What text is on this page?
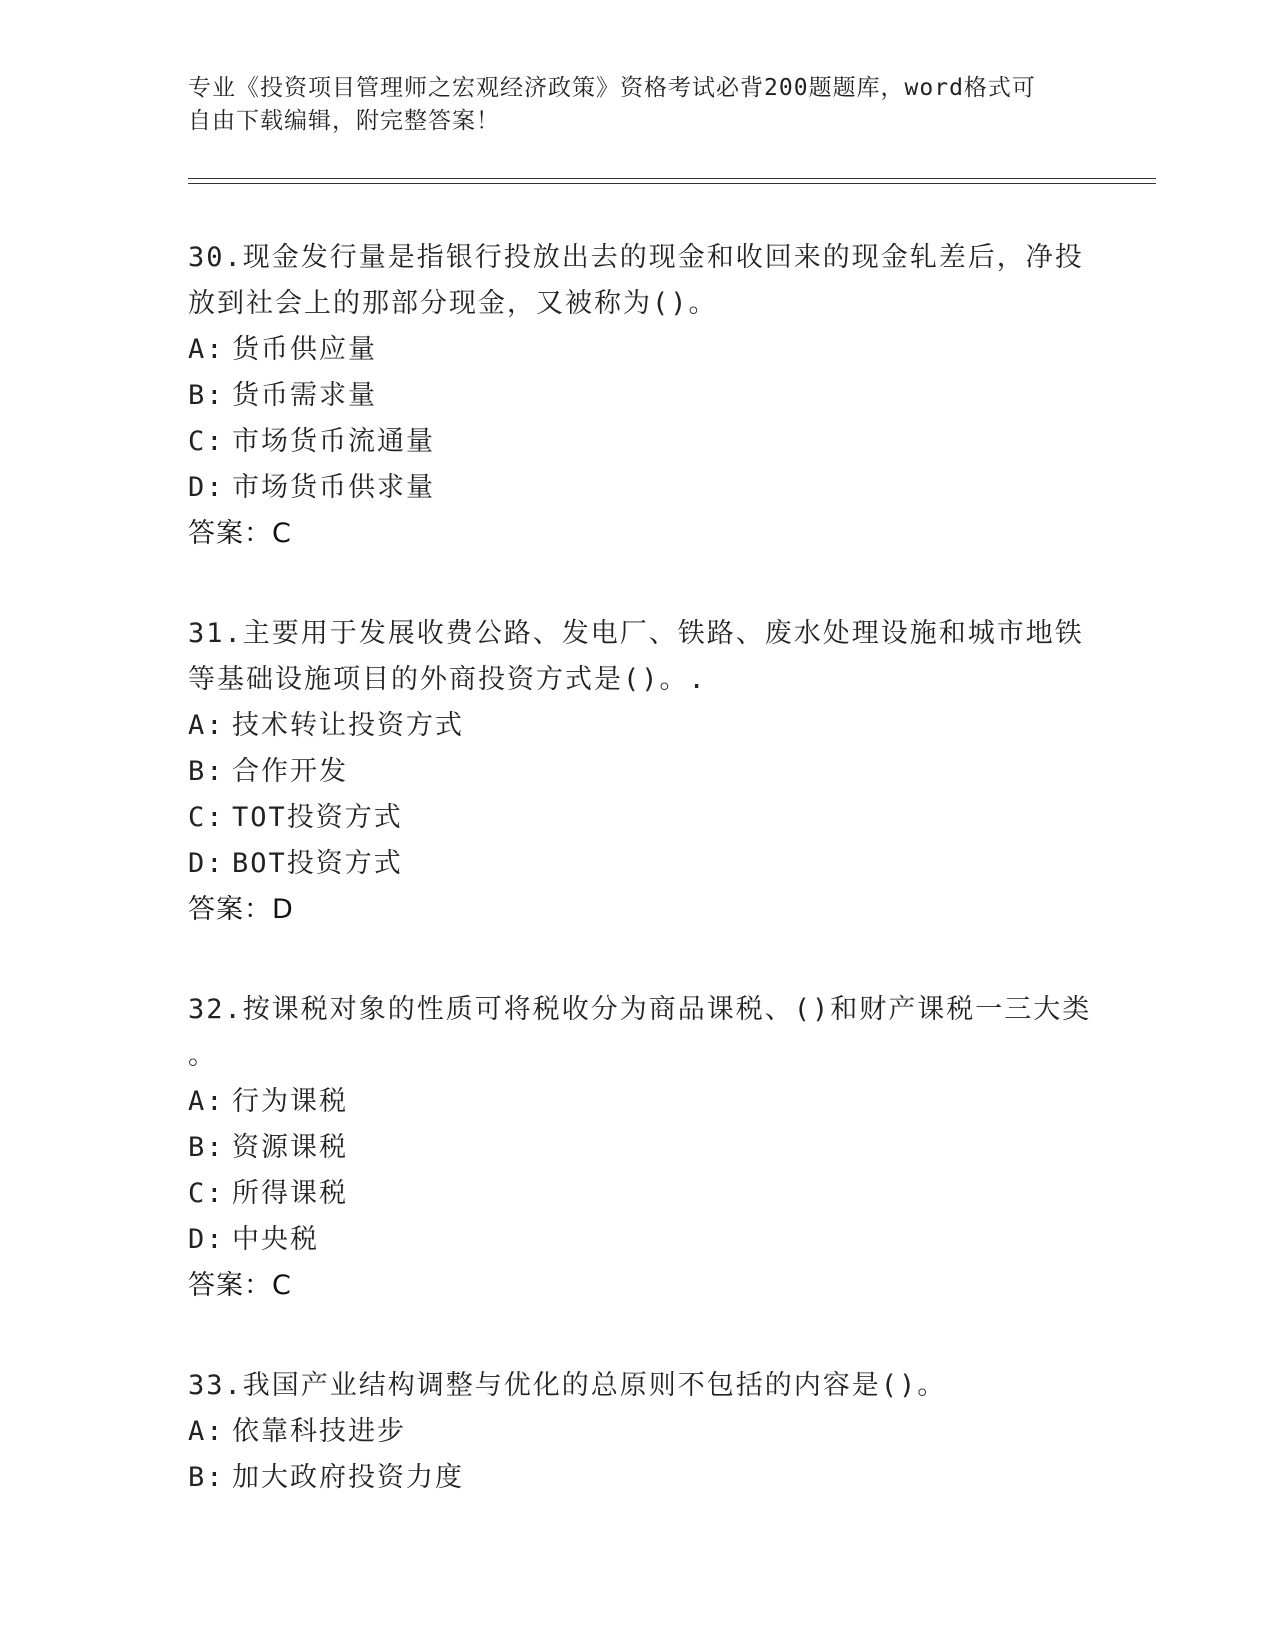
专业《投资项目管理师之宏观经济政策》资格考试必背200题题库，word格式可

自由下载编辑，附完整答案！

30.现金发行量是指银行投放出去的现金和收回来的现金轧差后，净投
放到社会上的那部分现金，又被称为()。

A: 货币供应量

B: 货币需求量

C: 市场货币流通量

D: 市场货币供求量

答案：C

31.主要用于发展收费公路、发电厂、铁路、废水处理设施和城市地铁
等基础设施项目的外商投资方式是()。.

A: 技术转让投资方式

B: 合作开发

C: TOT投资方式

D: BOT投资方式

答案：D

32.按课税对象的性质可将税收分为商品课税、()和财产课税一三大类
。

A: 行为课税

B: 资源课税

C: 所得课税

D: 中央税

答案：C

33.我国产业结构调整与优化的总原则不包括的内容是()。

A: 依靠科技进步

B: 加大政府投资力度
